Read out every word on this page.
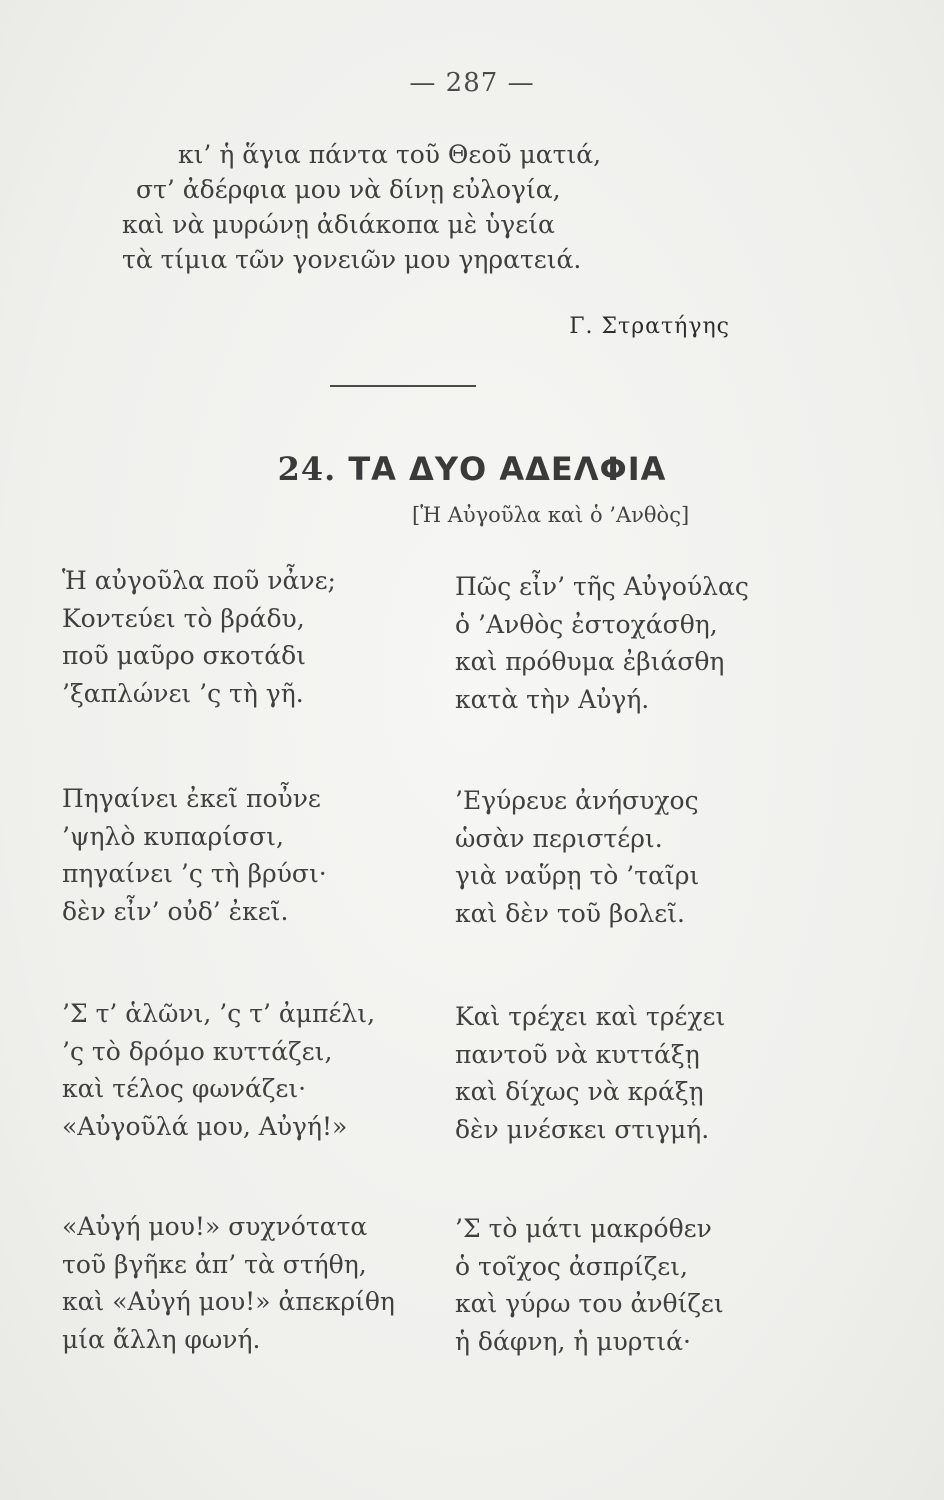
— 287 —
κι’ ἡ ἅγια πάντα τοῦ Θεοῦ ματιά,
στ’ ἀδέρφια μου νὰ δίνῃ εὐλογία,
καὶ νὰ μυρώνῃ ἀδιάκοπα μὲ ὑγεία
τὰ τίμια τῶν γονειῶν μου γηρατειά.
Γ. Στρατήγης
24. ΤΑ ΔΥΟ ΑΔΕΛΦΙΑ
[Ἡ Αὐγοῦλα καὶ ὁ ’Ανθὸς]
Ἡ αὐγοῦλα ποῦ νἆνε;
Κοντεύει τὸ βράδυ,
ποῦ μαῦρο σκοτάδι
’ξαπλώνει ’ς τὴ γῆ.
Πηγαίνει ἐκεῖ ποὖνε
’ψηλὸ κυπαρίσσι,
πηγαίνει ’ς τὴ βρύσι·
δὲν εἶν’ οὐδ’ ἐκεῖ.
’Σ τ’ ἁλῶνι, ’ς τ’ ἀμπέλι,
’ς τὸ δρόμο κυττάζει,
καὶ τέλος φωνάζει·
«Αὐγοῦλά μου, Αὐγή!»
«Αὐγή μου!» συχνότατα
τοῦ βγῆκε ἀπ’ τὰ στήθη,
καὶ «Αὐγή μου!» ἀπεκρίθη
μία ἄλλη φωνή.
Πῶς εἶν’ τῆς Αὐγούλας
ὁ ’Ανθὸς ἐστοχάσθη,
καὶ πρόθυμα ἐβιάσθη
κατὰ τὴν Αὐγή.
’Εγύρευε ἀνήσυχος
ὡσὰν περιστέρι.
γιὰ ναὕρῃ τὸ ’ταῖρι
καὶ δὲν τοῦ βολεῖ.
Καὶ τρέχει καὶ τρέχει
παντοῦ νὰ κυττάξῃ
καὶ δίχως νὰ κράξῃ
δὲν μνέσκει στιγμή.
’Σ τὸ μάτι μακρόθεν
ὁ τοῖχος ἀσπρίζει,
καὶ γύρω του ἀνθίζει
ἡ δάφνη, ἡ μυρτιά·
